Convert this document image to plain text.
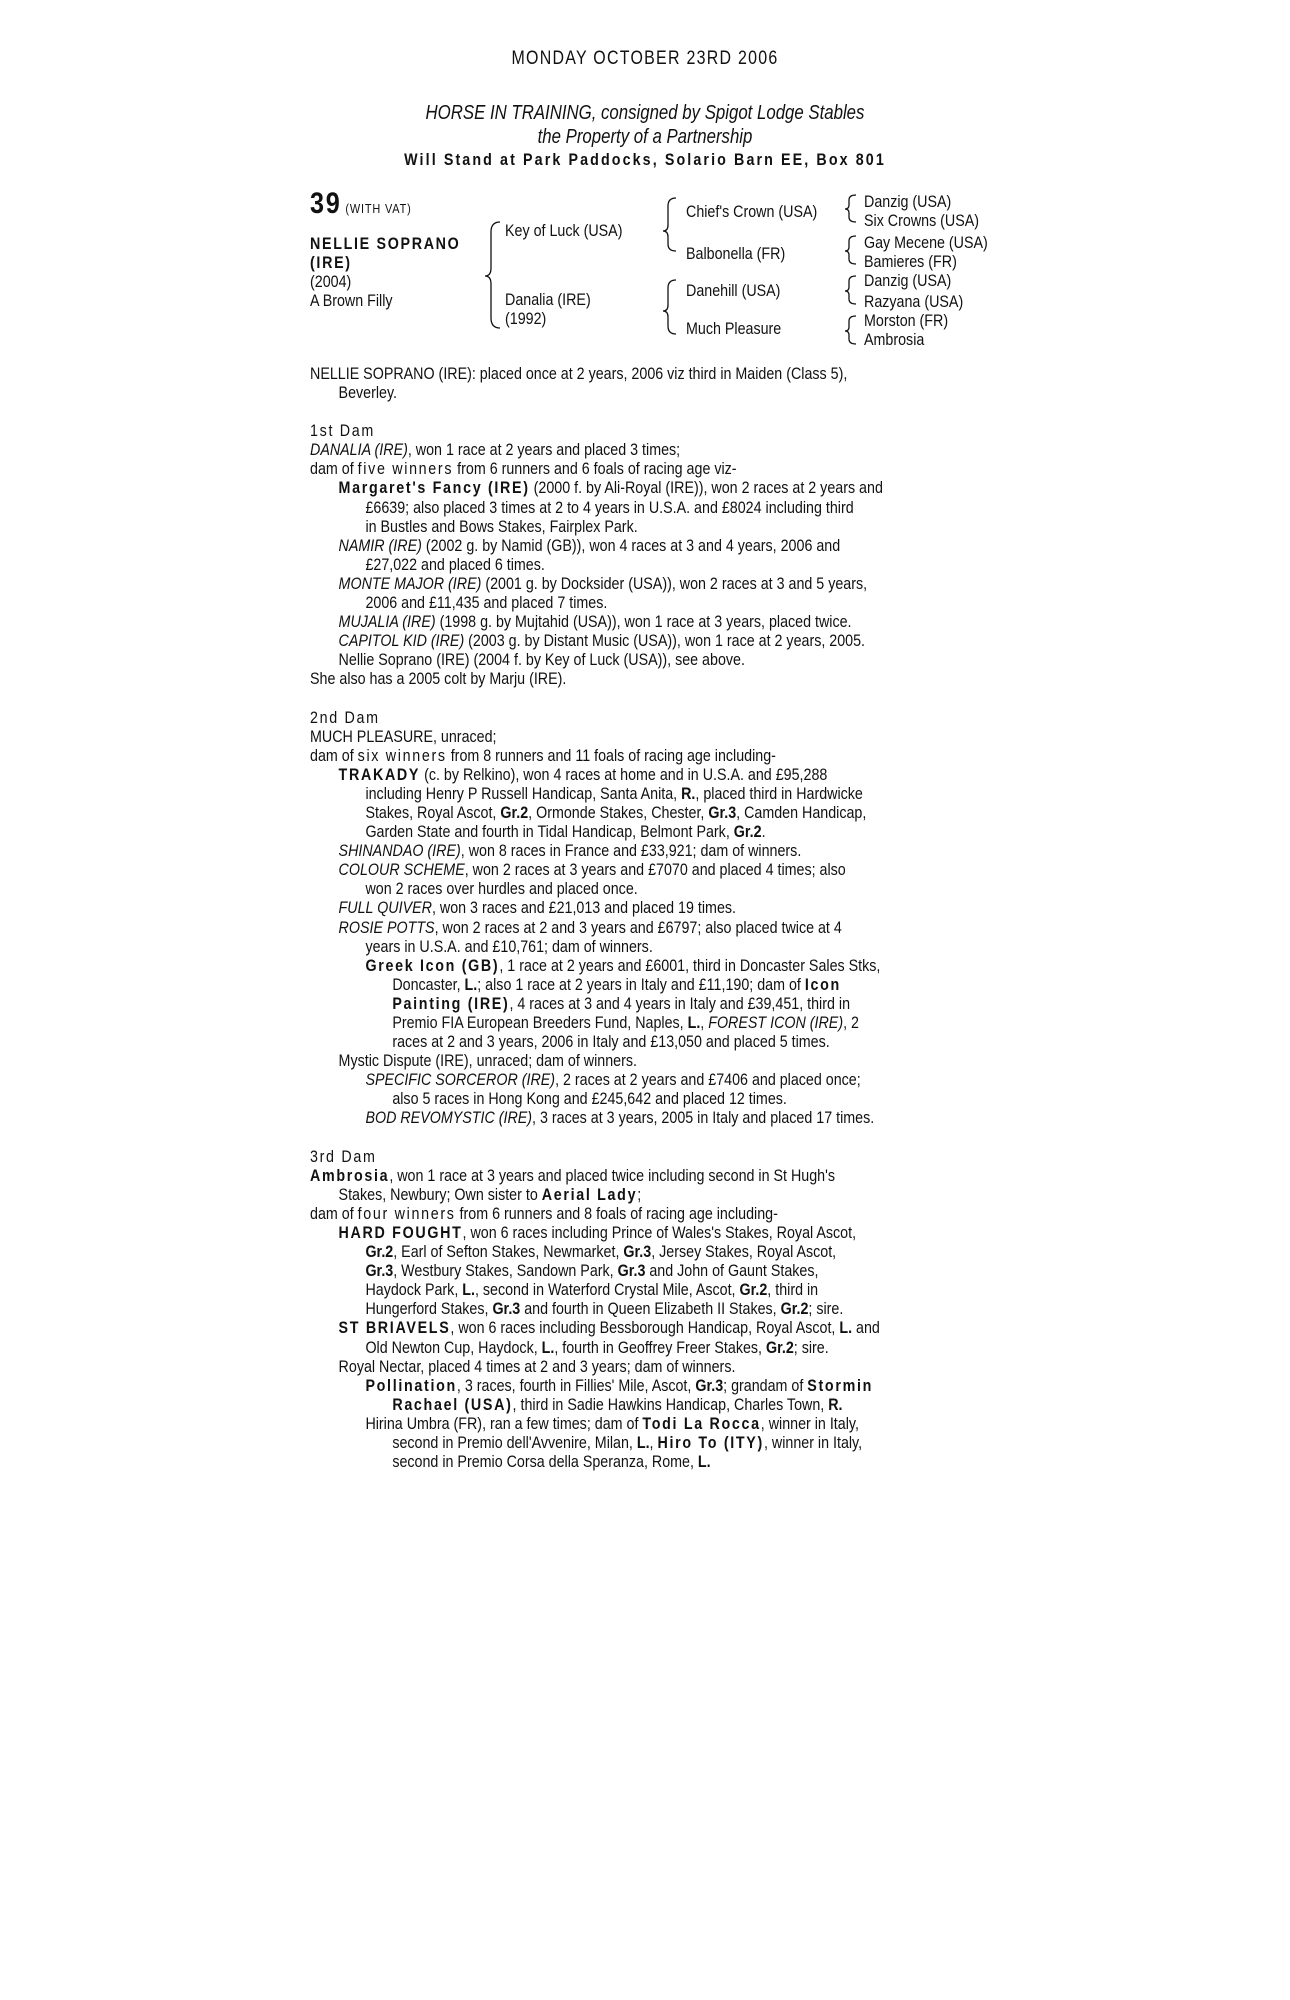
MONDAY OCTOBER 23RD 2006
HORSE IN TRAINING, consigned by Spigot Lodge Stables
the Property of a Partnership
Will Stand at Park Paddocks, Solario Barn EE, Box 801
39 (WITH VAT)
NELLIE SOPRANO
(IRE)
(2004)
A Brown Filly
Key of Luck (USA)
Danalia (IRE)
(1992)
Chief's Crown (USA)
Balbonella (FR)
Danehill (USA)
Much Pleasure
Danzig (USA)
Six Crowns (USA)
Gay Mecene (USA)
Bamieres (FR)
Danzig (USA)
Razyana (USA)
Morston (FR)
Ambrosia

NELLIE SOPRANO (IRE): placed once at 2 years, 2006 viz third in Maiden (Class 5),
Beverley.

1st Dam

DANALIA (IRE), won 1 race at 2 years and placed 3 times;

dam of five winners from 6 runners and 6 foals of racing age viz-

Margaret's Fancy (IRE) (2000 f. by Ali-Royal (IRE)), won 2 races at 2 years and
£6639; also placed 3 times at 2 to 4 years in U.S.A. and £8024 including third
in Bustles and Bows Stakes, Fairplex Park.

NAMIR (IRE) (2002 g. by Namid (GB)), won 4 races at 3 and 4 years, 2006 and
£27,022 and placed 6 times.

MONTE MAJOR (IRE) (2001 g. by Docksider (USA)), won 2 races at 3 and 5 years,
2006 and £11,435 and placed 7 times.

MUJALIA (IRE) (1998 g. by Mujtahid (USA)), won 1 race at 3 years, placed twice.

CAPITOL KID (IRE) (2003 g. by Distant Music (USA)), won 1 race at 2 years, 2005.

Nellie Soprano (IRE) (2004 f. by Key of Luck (USA)), see above.

She also has a 2005 colt by Marju (IRE).

2nd Dam

MUCH PLEASURE, unraced;

dam of six winners from 8 runners and 11 foals of racing age including-

TRAKADY (c. by Relkino), won 4 races at home and in U.S.A. and £95,288
including Henry P Russell Handicap, Santa Anita, R., placed third in Hardwicke
Stakes, Royal Ascot, Gr.2, Ormonde Stakes, Chester, Gr.3, Camden Handicap,
Garden State and fourth in Tidal Handicap, Belmont Park, Gr.2.

SHINANDAO (IRE), won 8 races in France and £33,921; dam of winners.

COLOUR SCHEME, won 2 races at 3 years and £7070 and placed 4 times; also
won 2 races over hurdles and placed once.

FULL QUIVER, won 3 races and £21,013 and placed 19 times.

ROSIE POTTS, won 2 races at 2 and 3 years and £6797; also placed twice at 4
years in U.S.A. and £10,761; dam of winners.

Greek Icon (GB), 1 race at 2 years and £6001, third in Doncaster Sales Stks,
Doncaster, L.; also 1 race at 2 years in Italy and £11,190; dam of Icon
Painting (IRE), 4 races at 3 and 4 years in Italy and £39,451, third in
Premio FIA European Breeders Fund, Naples, L., FOREST ICON (IRE), 2
races at 2 and 3 years, 2006 in Italy and £13,050 and placed 5 times.

Mystic Dispute (IRE), unraced; dam of winners.

SPECIFIC SORCEROR (IRE), 2 races at 2 years and £7406 and placed once;
also 5 races in Hong Kong and £245,642 and placed 12 times.

BOD REVOMYSTIC (IRE), 3 races at 3 years, 2005 in Italy and placed 17 times.

3rd Dam

Ambrosia, won 1 race at 3 years and placed twice including second in St Hugh's
Stakes, Newbury; Own sister to Aerial Lady;

dam of four winners from 6 runners and 8 foals of racing age including-

HARD FOUGHT, won 6 races including Prince of Wales's Stakes, Royal Ascot,
Gr.2, Earl of Sefton Stakes, Newmarket, Gr.3, Jersey Stakes, Royal Ascot,
Gr.3, Westbury Stakes, Sandown Park, Gr.3 and John of Gaunt Stakes,
Haydock Park, L., second in Waterford Crystal Mile, Ascot, Gr.2, third in
Hungerford Stakes, Gr.3 and fourth in Queen Elizabeth II Stakes, Gr.2; sire.

ST BRIAVELS, won 6 races including Bessborough Handicap, Royal Ascot, L. and
Old Newton Cup, Haydock, L., fourth in Geoffrey Freer Stakes, Gr.2; sire.

Royal Nectar, placed 4 times at 2 and 3 years; dam of winners.

Pollination, 3 races, fourth in Fillies' Mile, Ascot, Gr.3; grandam of Stormin
Rachael (USA), third in Sadie Hawkins Handicap, Charles Town, R.

Hirina Umbra (FR), ran a few times; dam of Todi La Rocca, winner in Italy,
second in Premio dell'Avvenire, Milan, L., Hiro To (ITY), winner in Italy,
second in Premio Corsa della Speranza, Rome, L.
